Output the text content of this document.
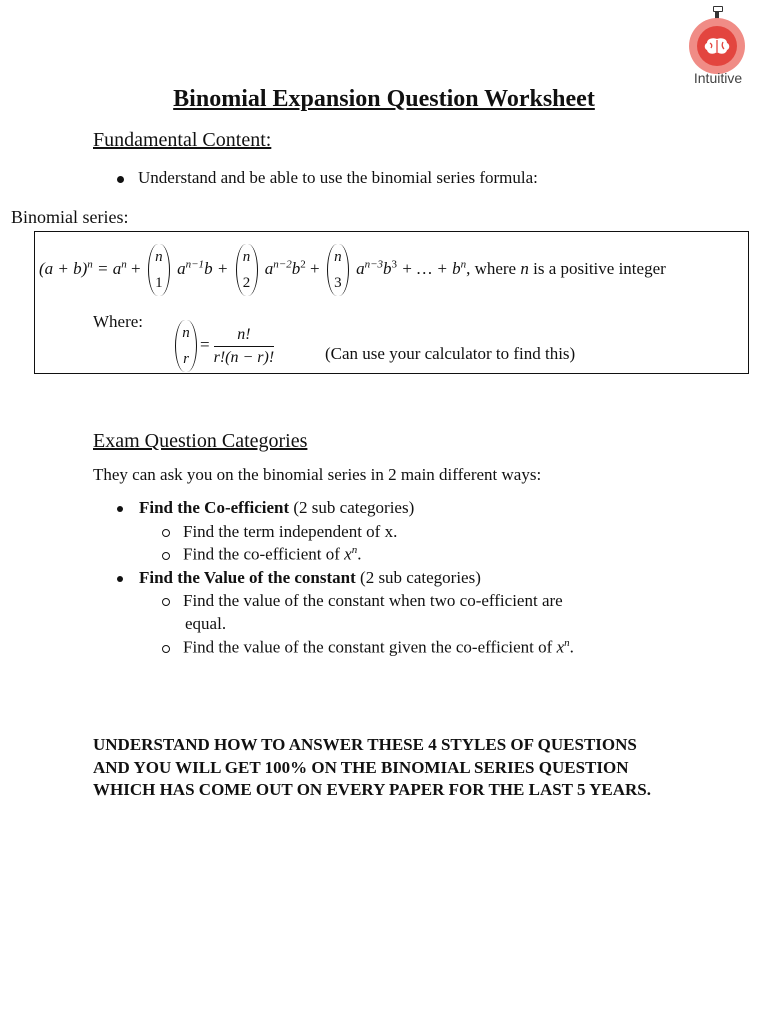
Intuitive
Binomial Expansion Question Worksheet
Fundamental Content:
Understand and be able to use the binomial series formula:
Binomial series:
$(a + b)^n = a^n$ +
n
1
$a^{n-1}b$ +
n
2
$a^{n-2}b^2$ +
n
3
$a^{n-3}b^3$ + … + $b^n$, where n is a positive integer
Where:
n
r
= $\frac{n!}{r!(n - r)!}$	(Can use your calculator to find this)
Exam Question Categories
They can ask you on the binomial series in 2 main different ways:
Find the Co-efficient (2 sub categories)
Find the term independent of x.
Find the co-efficient of $x^n$.
Find the Value of the constant (2 sub categories)
Find the value of the constant when two co-efficient are
equal.
Find the value of the constant given the co-efficient of $x^n$.
UNDERSTAND HOW TO ANSWER THESE 4 STYLES OF QUESTIONS AND YOU WILL GET 100% ON THE BINOMIAL SERIES QUESTION WHICH HAS COME OUT ON EVERY PAPER FOR THE LAST 5 YEARS.
